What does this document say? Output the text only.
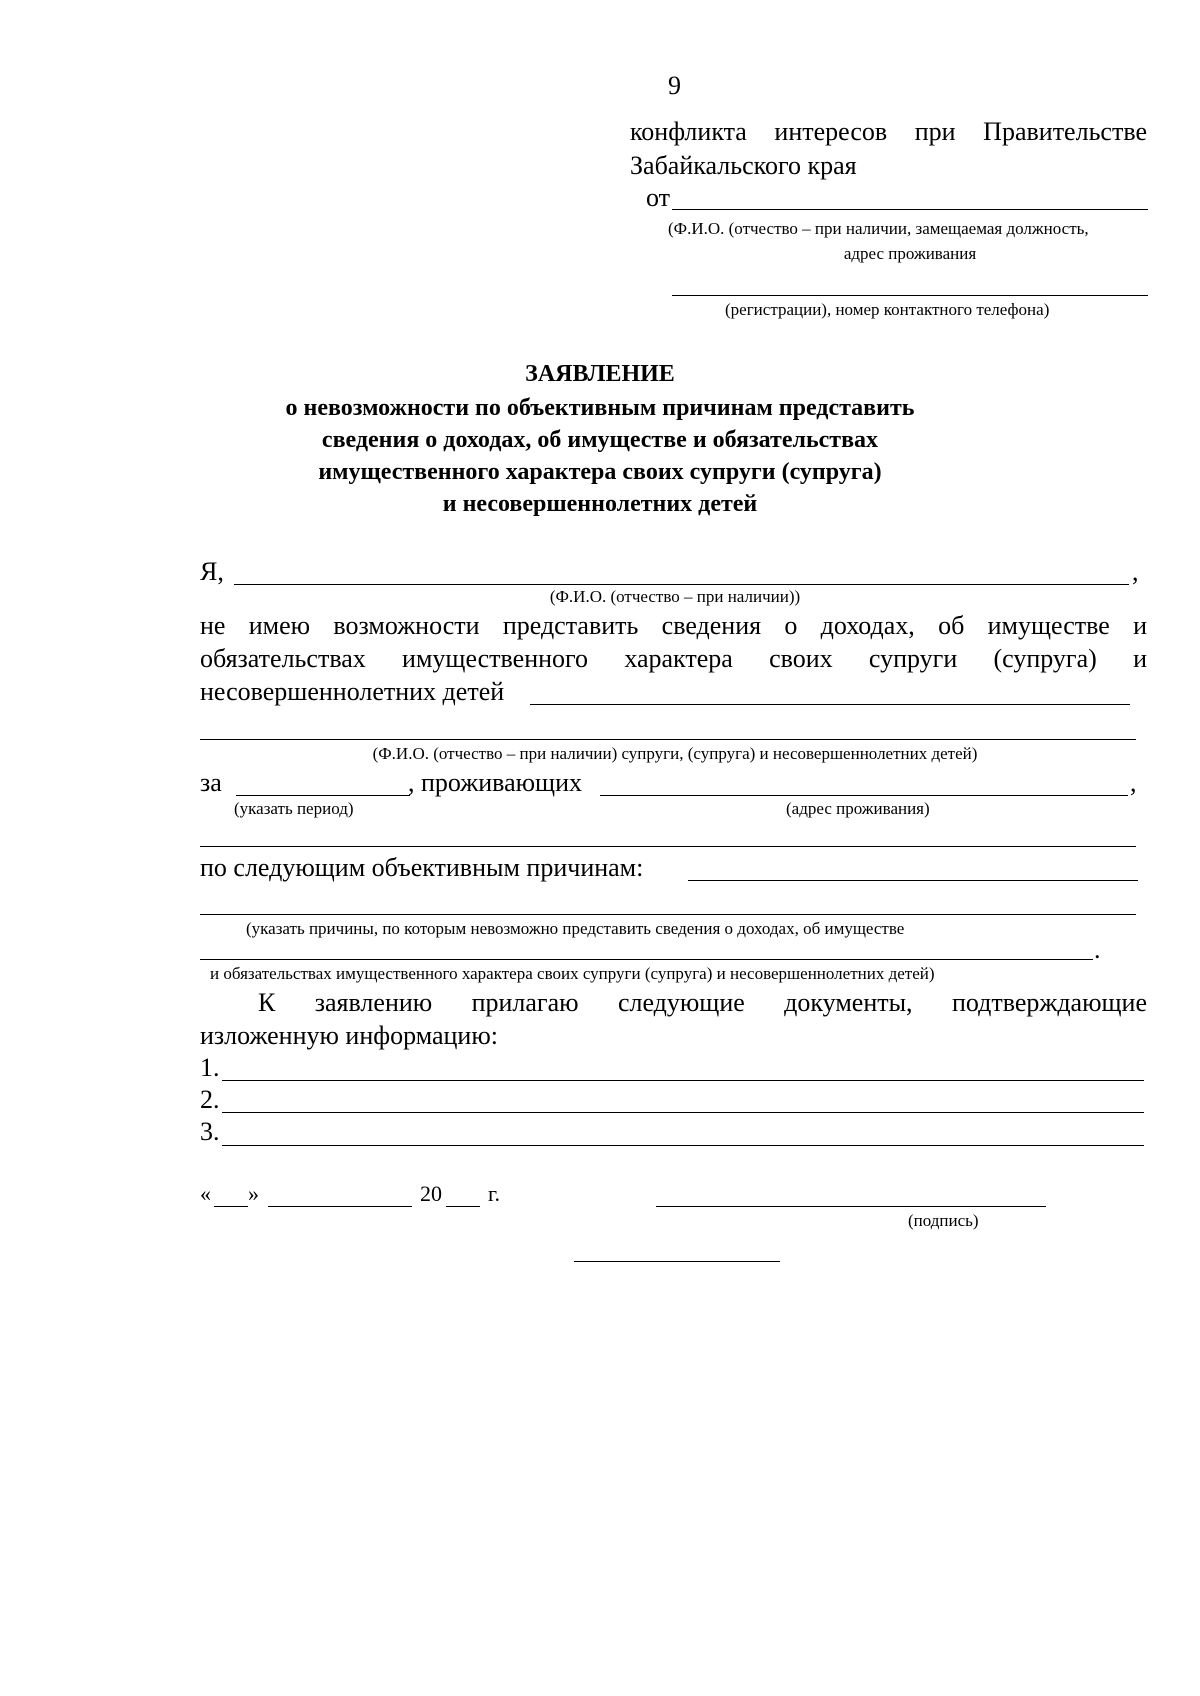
9
конфликта интересов при Правительстве
Забайкальского края
от
(Ф.И.О. (отчество – при наличии, замещаемая должность,
адрес проживания
(регистрации), номер контактного телефона)
ЗАЯВЛЕНИЕ
о невозможности по объективным причинам представить
сведения о доходах, об имуществе и обязательствах
имущественного характера своих супруги (супруга)
и несовершеннолетних детей
Я,	,
(Ф.И.О. (отчество – при наличии))
не имею возможности представить сведения о доходах, об имуществе и
обязательствах имущественного характера своих супруги (супруга) и
несовершеннолетних детей
(Ф.И.О. (отчество – при наличии) супруги, (супруга) и несовершеннолетних детей)
за	, проживающих	,
(указать период)	(адрес проживания)
по следующим объективным причинам:
(указать причины, по которым невозможно представить сведения о доходах, об имуществе
.
и обязательствах имущественного характера своих супруги (супруга) и несовершеннолетних детей)
К заявлению прилагаю следующие документы, подтверждающие
изложенную информацию:
1.
2.
3.
« »	20 г.
(подпись)
